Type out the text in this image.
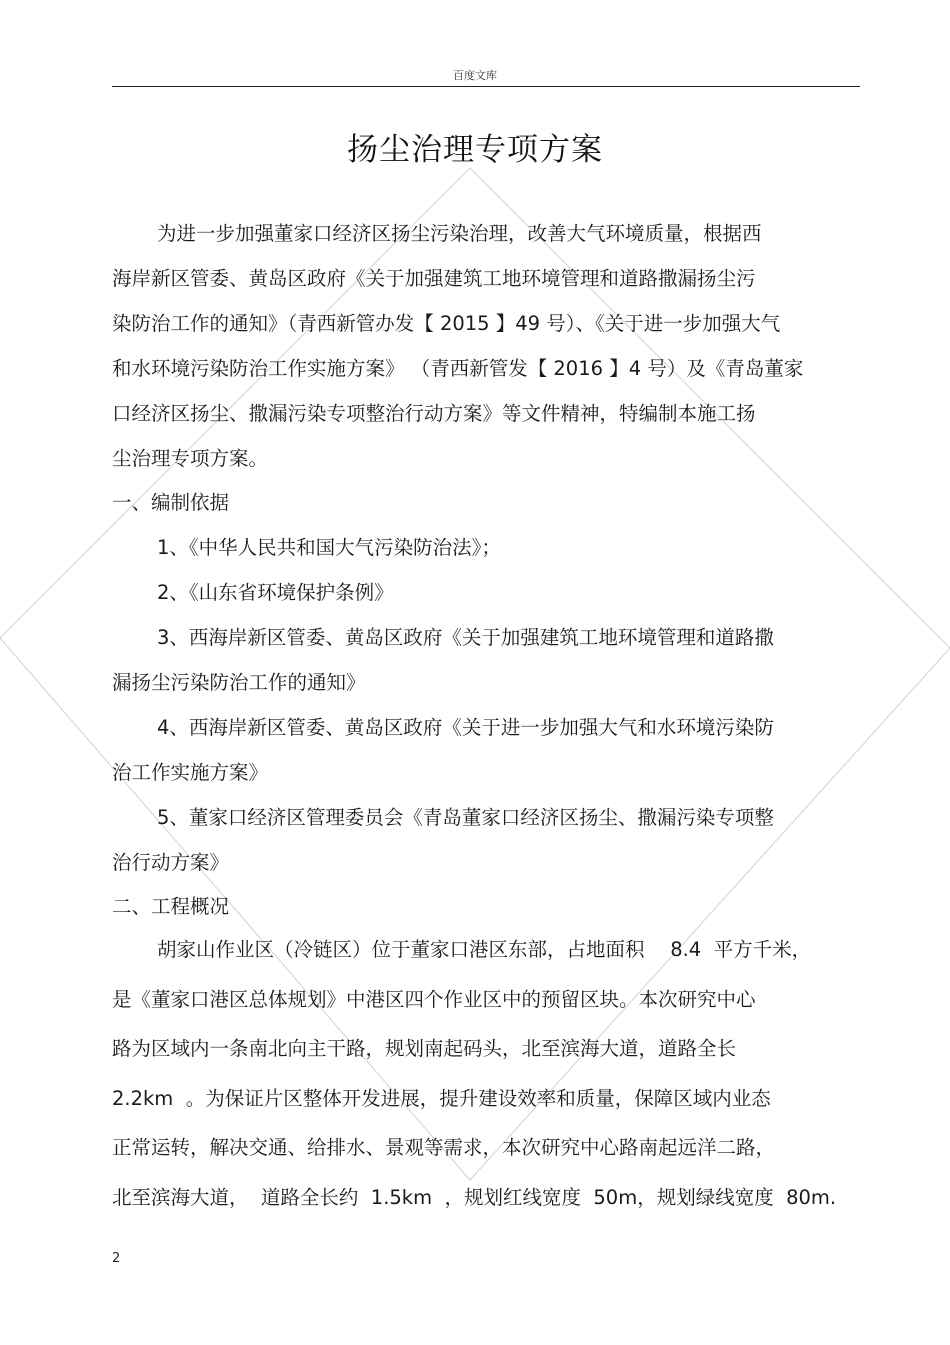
百度文库
扬尘治理专项方案
为进一步加强董家口经济区扬尘污染治理，改善大气环境质量，根据西
海岸新区管委、黄岛区政府《关于加强建筑工地环境管理和道路撒漏扬尘污
染防治工作的通知》（青西新管办发【 2015 】49 号）、《关于进一步加强大气
和水环境污染防治工作实施方案》 （青西新管发【 2016 】4 号）及《青岛董家
口经济区扬尘、撒漏污染专项整治行动方案》等文件精神，特编制本施工扬
尘治理专项方案。
一、编制依据
1、《中华人民共和国大气污染防治法》；
2、《山东省环境保护条例》
3、西海岸新区管委、黄岛区政府《关于加强建筑工地环境管理和道路撒
漏扬尘污染防治工作的通知》
4、西海岸新区管委、黄岛区政府《关于进一步加强大气和水环境污染防
治工作实施方案》
5、董家口经济区管理委员会《青岛董家口经济区扬尘、撒漏污染专项整
治行动方案》
二、工程概况
胡家山作业区（冷链区）位于董家口港区东部，占地面积　 8.4  平方千米，
是《董家口港区总体规划》中港区四个作业区中的预留区块。本次研究中心
路为区域内一条南北向主干路，规划南起码头，北至滨海大道，道路全长
2.2km  。为保证片区整体开发进展，提升建设效率和质量，保障区域内业态
正常运转，解决交通、给排水、景观等需求，本次研究中心路南起远洋二路，
北至滨海大道，  道路全长约  1.5km  ，规划红线宽度  50m，规划绿线宽度  80m.
2
